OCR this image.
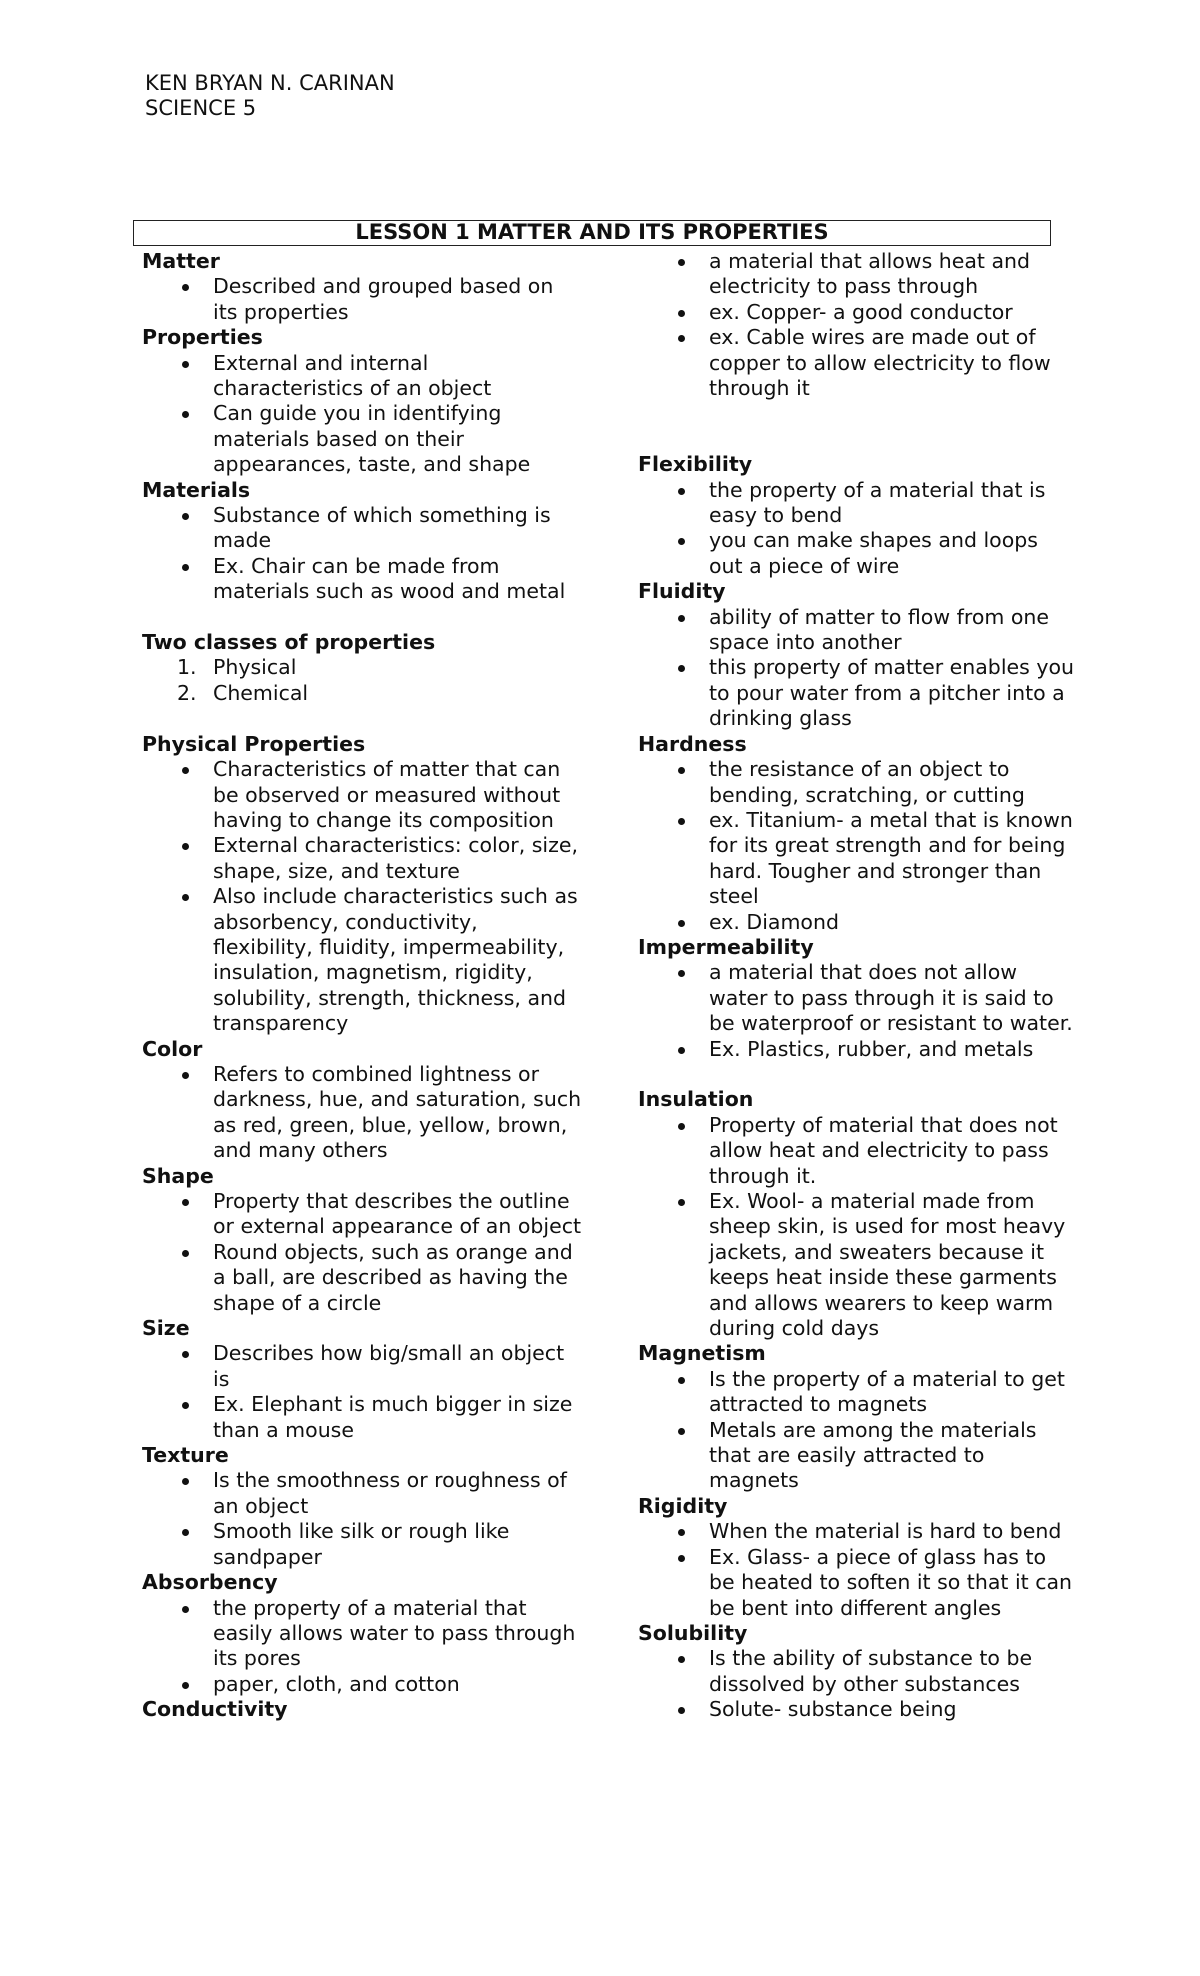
KEN BRYAN N. CARINAN
SCIENCE 5
LESSON 1 MATTER AND ITS PROPERTIES
Matter
Described and grouped based on its properties
Properties
External and internal characteristics of an object
Can guide you in identifying materials based on their appearances, taste, and shape
Materials
Substance of which something is made
Ex. Chair can be made from materials such as wood and metal
Two classes of properties
1. Physical
2. Chemical
Physical Properties
Characteristics of matter that can be observed or measured without having to change its composition
External characteristics: color, size, shape, size, and texture
Also include characteristics such as absorbency, conductivity, flexibility, fluidity, impermeability, insulation, magnetism, rigidity, solubility, strength, thickness, and transparency
Color
Refers to combined lightness or darkness, hue, and saturation, such as red, green, blue, yellow, brown, and many others
Shape
Property that describes the outline or external appearance of an object
Round objects, such as orange and a ball, are described as having the shape of a circle
Size
Describes how big/small an object is
Ex. Elephant is much bigger in size than a mouse
Texture
Is the smoothness or roughness of an object
Smooth like silk or rough like sandpaper
Absorbency
the property of a material that easily allows water to pass through its pores
paper, cloth, and cotton
Conductivity
a material that allows heat and electricity to pass through
ex. Copper- a good conductor
ex. Cable wires are made out of copper to allow electricity to flow through it
Flexibility
the property of a material that is easy to bend
you can make shapes and loops out a piece of wire
Fluidity
ability of matter to flow from one space into another
this property of matter enables you to pour water from a pitcher into a drinking glass
Hardness
the resistance of an object to bending, scratching, or cutting
ex. Titanium- a metal that is known for its great strength and for being hard. Tougher and stronger than steel
ex. Diamond
Impermeability
a material that does not allow water to pass through it is said to be waterproof or resistant to water.
Ex. Plastics, rubber, and metals
Insulation
Property of material that does not allow heat and electricity to pass through it.
Ex. Wool- a material made from sheep skin, is used for most heavy jackets, and sweaters because it keeps heat inside these garments and allows wearers to keep warm during cold days
Magnetism
Is the property of a material to get attracted to magnets
Metals are among the materials that are easily attracted to magnets
Rigidity
When the material is hard to bend
Ex. Glass- a piece of glass has to be heated to soften it so that it can be bent into different angles
Solubility
Is the ability of substance to be dissolved by other substances
Solute- substance being
